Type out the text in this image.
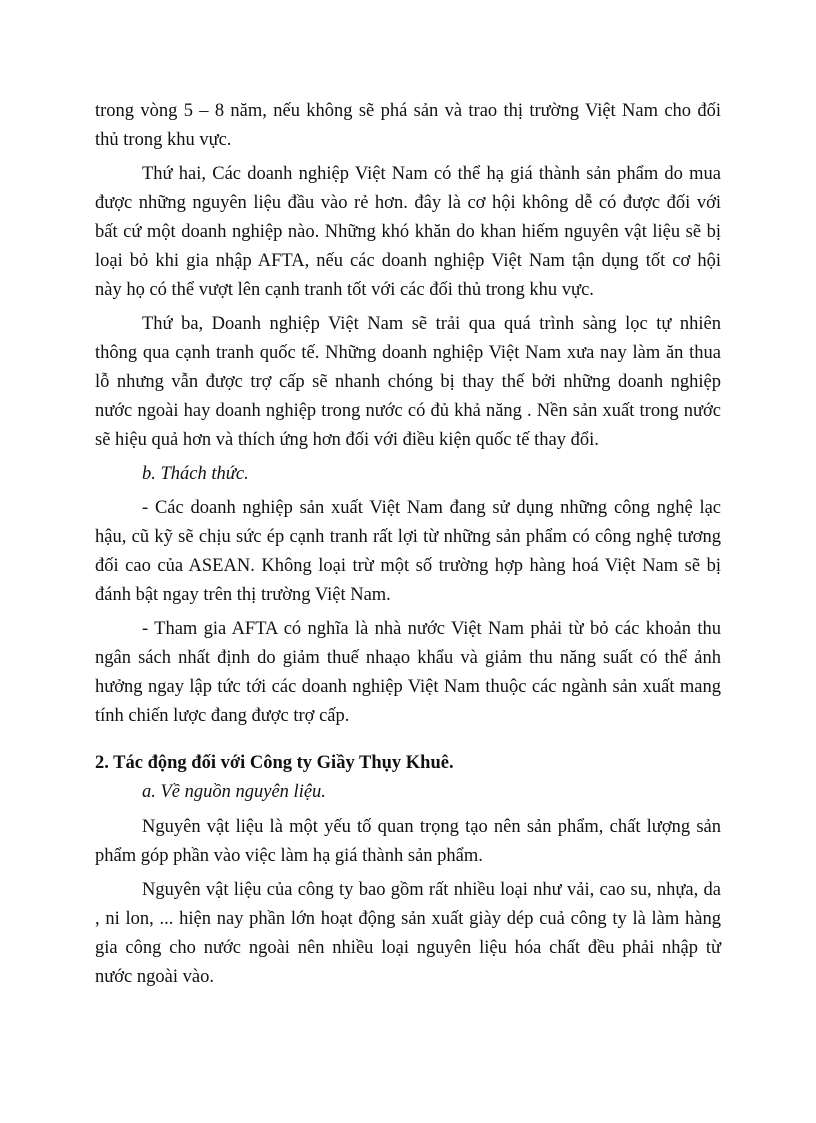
trong vòng 5 – 8 năm, nếu không sẽ phá sản và trao thị trường Việt Nam cho đối
thủ trong khu vực.
Thứ hai, Các doanh nghiệp Việt Nam có thể hạ giá thành sản phẩm do mua
được những nguyên liệu đầu vào rẻ hơn. đây là cơ hội không dễ có được đối với
bất cứ một doanh nghiệp nào. Những khó khăn do khan hiếm nguyên vật liệu sẽ bị
loại bỏ khi gia nhập AFTA, nếu các doanh nghiệp Việt Nam tận dụng tốt cơ hội
này họ có thể vượt lên cạnh tranh tốt với các đối thủ trong khu vực.
Thứ ba, Doanh nghiệp Việt Nam sẽ trải qua quá trình sàng lọc tự nhiên
thông qua cạnh tranh quốc tế. Những doanh nghiệp Việt Nam xưa nay làm ăn thua
lỗ nhưng vẫn được trợ cấp sẽ nhanh chóng bị thay thế bởi những doanh nghiệp
nước ngoài hay doanh nghiệp trong nước có đủ khả năng . Nền sản xuất trong nước
sẽ hiệu quả hơn và thích ứng hơn đối với điều kiện quốc tế thay đổi.
b. Thách thức.
- Các doanh nghiệp sản xuất Việt Nam đang sử dụng những công nghệ lạc
hậu, cũ kỹ sẽ chịu sức ép cạnh tranh rất lợi từ những sản phẩm có công nghệ tương
đối cao của ASEAN. Không loại trừ một số trường hợp hàng hoá Việt Nam sẽ bị
đánh bật ngay trên thị trường Việt Nam.
- Tham gia AFTA có nghĩa là nhà nước Việt Nam phải từ bỏ các khoản thu
ngân sách nhất định do giảm thuế nhaạo khẩu và giảm thu năng suất có thể ảnh
hưởng ngay lập tức tới các doanh nghiệp Việt Nam thuộc các ngành sản xuất mang
tính chiến lược đang được trợ cấp.
2. Tác động đối với Công ty Giầy Thụy Khuê.
a. Về nguồn nguyên liệu.
Nguyên vật liệu là một yếu tố quan trọng tạo nên sản phẩm, chất lượng sản
phẩm góp phần vào việc làm hạ giá thành sản phẩm.
Nguyên vật liệu của công ty bao gồm rất nhiều loại như vải, cao su, nhựa, da
, ni lon, ... hiện nay phần lớn hoạt động sản xuất giày dép cuả công ty là làm hàng
gia công cho nước ngoài nên nhiều loại nguyên liệu hóa chất đều phải nhập từ
nước ngoài vào.
